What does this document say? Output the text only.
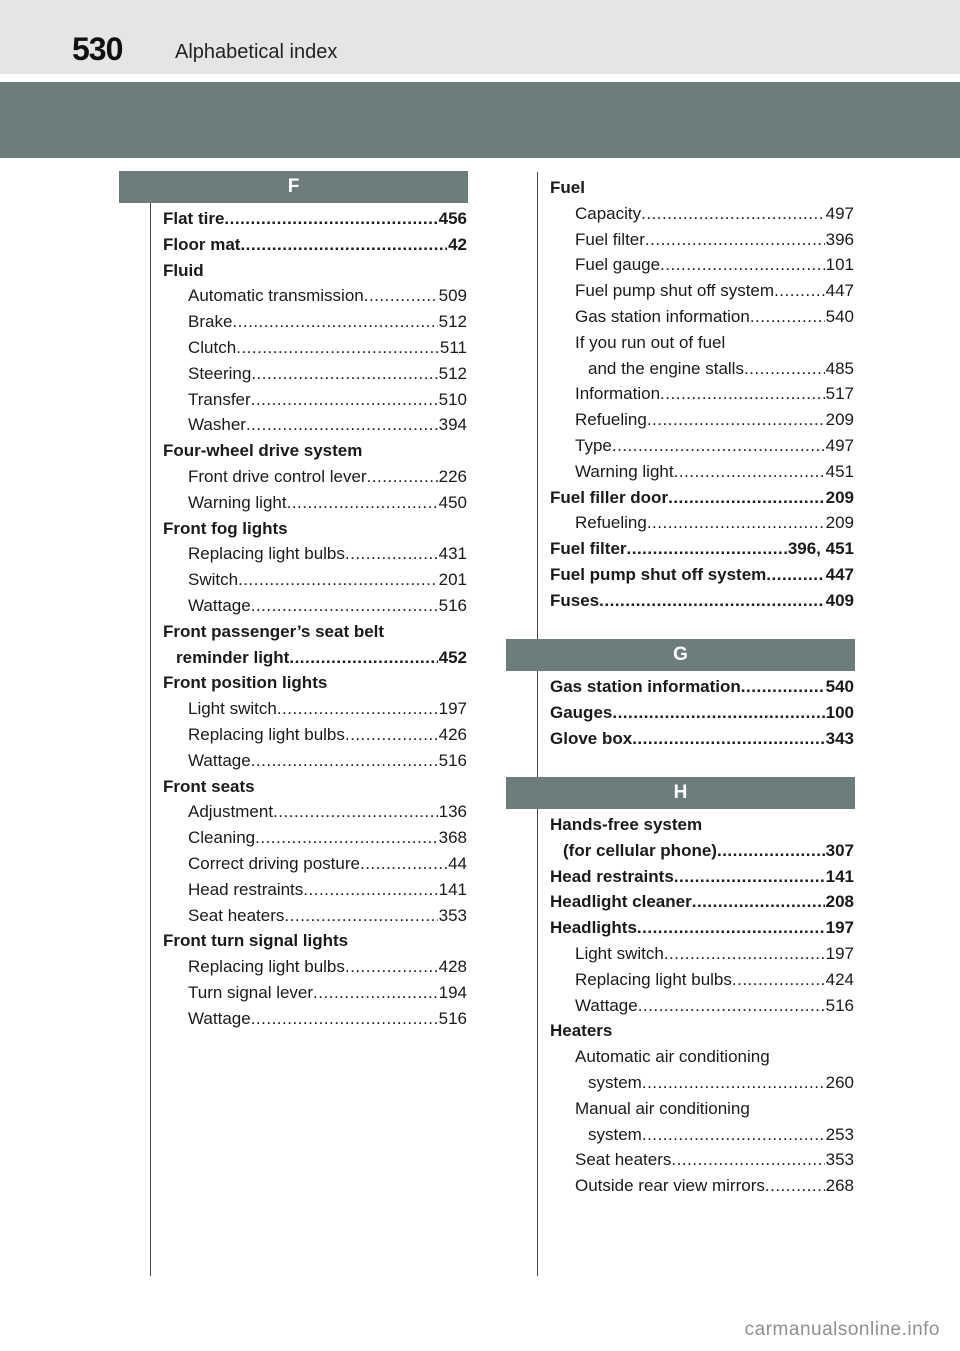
530	Alphabetical index
F
G
H
Flat tire .....	456
Floor mat .....	42
Fluid
Automatic transmission .....	509
Brake .....	512
Clutch .....	511
Steering .....	512
Transfer .....	510
Washer .....	394
Four-wheel drive system
Front drive control lever .....	226
Warning light .....	450
Front fog lights
Replacing light bulbs .....	431
Switch .....	201
Wattage .....	516
Front passenger’s seat belt
reminder light .....	452
Front position lights
Light switch .....	197
Replacing light bulbs .....	426
Wattage .....	516
Front seats
Adjustment .....	136
Cleaning .....	368
Correct driving posture .....	44
Head restraints .....	141
Seat heaters .....	353
Front turn signal lights
Replacing light bulbs .....	428
Turn signal lever .....	194
Wattage .....	516
Fuel
Capacity .....	497
Fuel filter .....	396
Fuel gauge .....	101
Fuel pump shut off system .....	447
Gas station information .....	540
If you run out of fuel
and the engine stalls .....	485
Information .....	517
Refueling .....	209
Type .....	497
Warning light .....	451
Fuel filler door .....	209
Refueling .....	209
Fuel filter .....	396, 451
Fuel pump shut off system .....	447
Fuses .....	409
Gas station information .....	540
Gauges .....	100
Glove box .....	343
Hands-free system
(for cellular phone) .....	307
Head restraints .....	141
Headlight cleaner .....	208
Headlights .....	197
Light switch .....	197
Replacing light bulbs .....	424
Wattage .....	516
Heaters
Automatic air conditioning
system .....	260
Manual air conditioning
system .....	253
Seat heaters .....	353
Outside rear view mirrors .....	268
carmanualsonline.info
